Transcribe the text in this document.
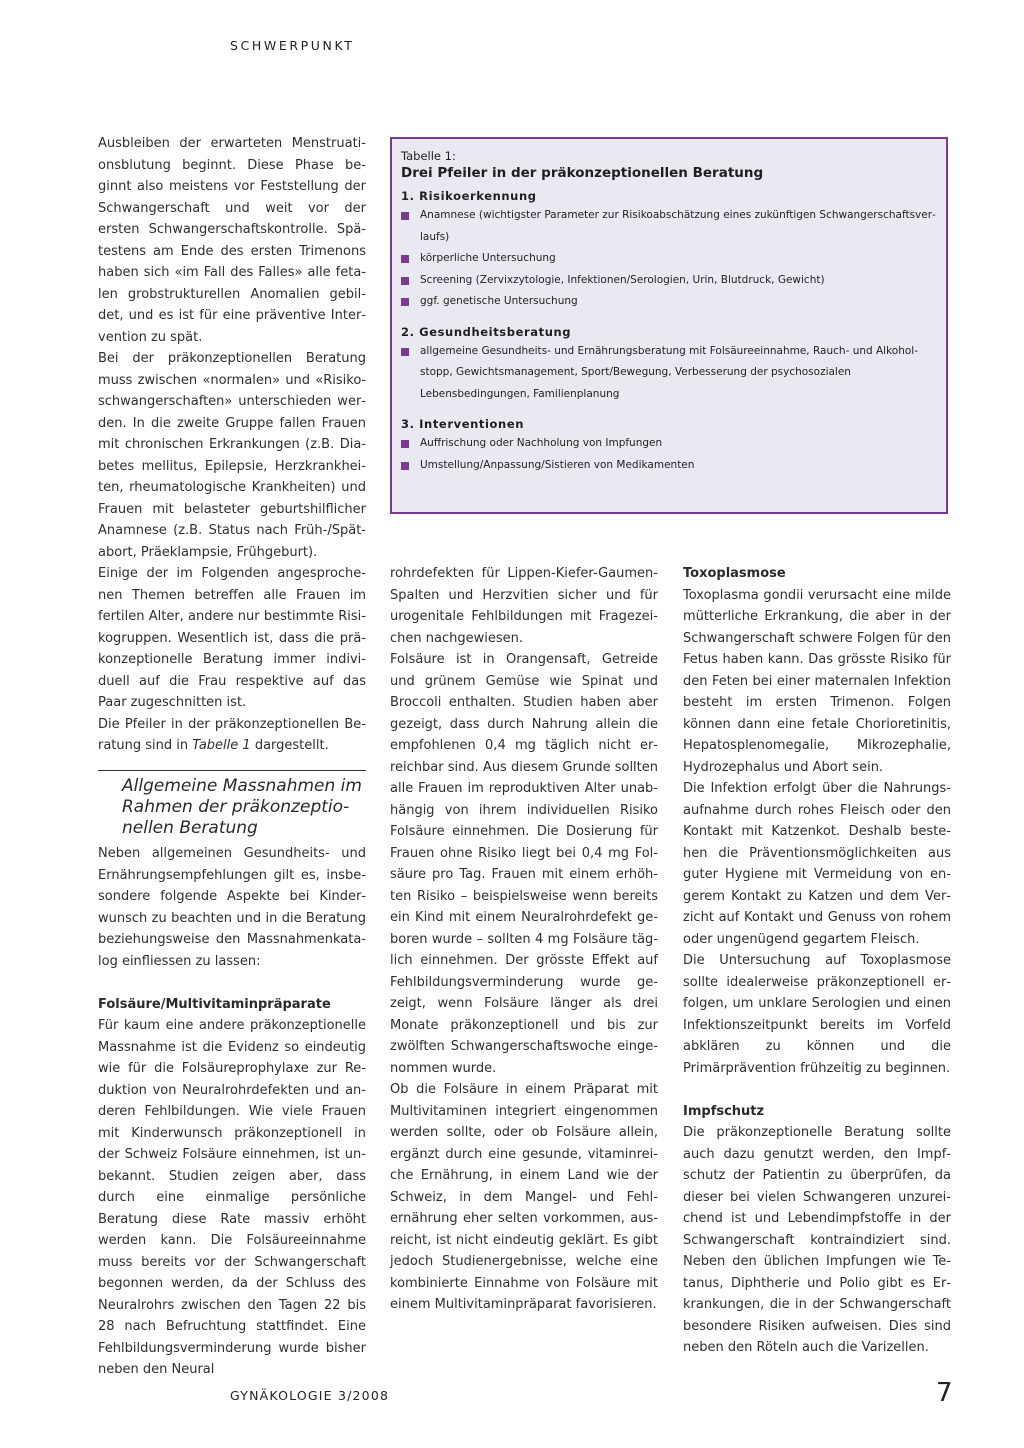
SCHWERPUNKT

Ausbleiben der erwarteten Menstruationsblutung beginnt. Diese Phase beginnt also meistens vor Feststellung der Schwangerschaft und weit vor der ersten Schwangerschaftskontrolle. Spätestens am Ende des ersten Trimenons haben sich «im Fall des Falles» alle fetalen grobstrukturellen Anomalien gebildet, und es ist für eine präventive Intervention zu spät.

Bei der präkonzeptionellen Beratung muss zwischen «normalen» und «Risikoschwangerschaften» unterschieden werden. In die zweite Gruppe fallen Frauen mit chronischen Erkrankungen (z.B. Diabetes mellitus, Epilepsie, Herzkrankheiten, rheumatologische Krankheiten) und Frauen mit belasteter geburtshilflicher Anamnese (z.B. Status nach Früh-/Spätabort, Präeklampsie, Frühgeburt).

Einige der im Folgenden angesprochenen Themen betreffen alle Frauen im fertilen Alter, andere nur bestimmte Risikogruppen. Wesentlich ist, dass die präkonzeptionelle Beratung immer individuell auf die Frau respektive auf das Paar zugeschnitten ist.

Die Pfeiler in der präkonzeptionellen Beratung sind in Tabelle 1 dargestellt.

Allgemeine Massnahmen im Rahmen der präkonzeptionellen Beratung

Neben allgemeinen Gesundheits- und Ernährungsempfehlungen gilt es, insbesondere folgende Aspekte bei Kinderwunsch zu beachten und in die Beratung beziehungsweise den Massnahmenkatalog einfliessen zu lassen:

Folsäure/Multivitaminpräparate

Für kaum eine andere präkonzeptionelle Massnahme ist die Evidenz so eindeutig wie für die Folsäureprophylaxe zur Reduktion von Neuralrohrdefekten und anderen Fehlbildungen. Wie viele Frauen mit Kinderwunsch präkonzeptionell in der Schweiz Folsäure einnehmen, ist unbekannt. Studien zeigen aber, dass durch eine einmalige persönliche Beratung diese Rate massiv erhöht werden kann. Die Folsäureeinnahme muss bereits vor der Schwangerschaft begonnen werden, da der Schluss des Neuralrohrs zwischen den Tagen 22 bis 28 nach Befruchtung stattfindet. Eine Fehlbildungsverminderung wurde bisher neben den Neural

rohrdefekten für Lippen-Kiefer-GaumenSpalten und Herzvitien sicher und für urogenitale Fehlbildungen mit Fragezeichen nachgewiesen.

Folsäure ist in Orangensaft, Getreide und grünem Gemüse wie Spinat und Broccoli enthalten. Studien haben aber gezeigt, dass durch Nahrung allein die empfohlenen 0,4 mg täglich nicht erreichbar sind. Aus diesem Grunde sollten alle Frauen im reproduktiven Alter unabhängig von ihrem individuellen Risiko Folsäure einnehmen. Die Dosierung für Frauen ohne Risiko liegt bei 0,4 mg Folsäure pro Tag. Frauen mit einem erhöhten Risiko – beispielsweise wenn bereits ein Kind mit einem Neuralrohrdefekt geboren wurde – sollten 4 mg Folsäure täglich einnehmen. Der grösste Effekt auf Fehlbildungsverminderung wurde gezeigt, wenn Folsäure länger als drei Monate präkonzeptionell und bis zur zwölften Schwangerschaftswoche eingenommen wurde.

Ob die Folsäure in einem Präparat mit Multivitaminen integriert eingenommen werden sollte, oder ob Folsäure allein, ergänzt durch eine gesunde, vitaminreiche Ernährung, in einem Land wie der Schweiz, in dem Mangel- und Fehl ernährung eher selten vorkommen, ausreicht, ist nicht eindeutig geklärt. Es gibt jedoch Studienergebnisse, welche eine kombinierte Einnahme von Folsäure mit einem Multivitaminpräparat favorisieren.

Toxoplasmose

Toxoplasma gondii verursacht eine milde mütterliche Erkrankung, die aber in der Schwangerschaft schwere Folgen für den Fetus haben kann. Das grösste Risiko für den Feten bei einer maternalen Infektion besteht im ersten Trimenon. Folgen können dann eine fetale Chorioretinitis, Hepatosplenomegalie, Mikrozephalie, Hydrozephalus und Abort sein.

Die Infektion erfolgt über die Nahrungsaufnahme durch rohes Fleisch oder den Kontakt mit Katzenkot. Deshalb bestehen die Präventionsmöglichkeiten aus guter Hygiene mit Vermeidung von engerem Kontakt zu Katzen und dem Verzicht auf Kontakt und Genuss von rohem oder ungenügend gegartem Fleisch.

Die Untersuchung auf Toxoplasmose sollte idealerweise präkonzeptionell erfolgen, um unklare Serologien und einen Infektionszeitpunkt bereits im Vorfeld abklären zu können und die Primärprävention frühzeitig zu beginnen.

Impfschutz

Die präkonzeptionelle Beratung sollte auch dazu genutzt werden, den Impfschutz der Patientin zu überprüfen, da dieser bei vielen Schwangeren unzureichend ist und Lebendimpfstoffe in der Schwangerschaft kontraindiziert sind. Neben den üblichen Impfungen wie Tetanus, Diphtherie und Polio gibt es Erkrankungen, die in der Schwangerschaft besondere Risiken aufweisen. Dies sind neben den Röteln auch die Varizellen.

Tabelle 1:
Drei Pfeiler in der präkonzeptionellen Beratung
1. Risikoerkennung
Anamnese (wichtigster Parameter zur Risikoabschätzung eines zukünftigen Schwangerschaftsverlaufs)
körperliche Untersuchung
Screening (Zervixzytologie, Infektionen/Serologien, Urin, Blutdruck, Gewicht)
ggf. genetische Untersuchung
2. Gesundheitsberatung
allgemeine Gesundheits- und Ernährungsberatung mit Folsäureeinnahme, Rauch- und Alkoholstopp, Gewichtsmanagement, Sport/Bewegung, Verbesserung der psychosozialen Lebensbedingungen, Familienplanung
3. Interventionen
Auffrischung oder Nachholung von Impfungen
Umstellung/Anpassung/Sistieren von Medikamenten
GYNÄKOLOGIE 3/2008	7
